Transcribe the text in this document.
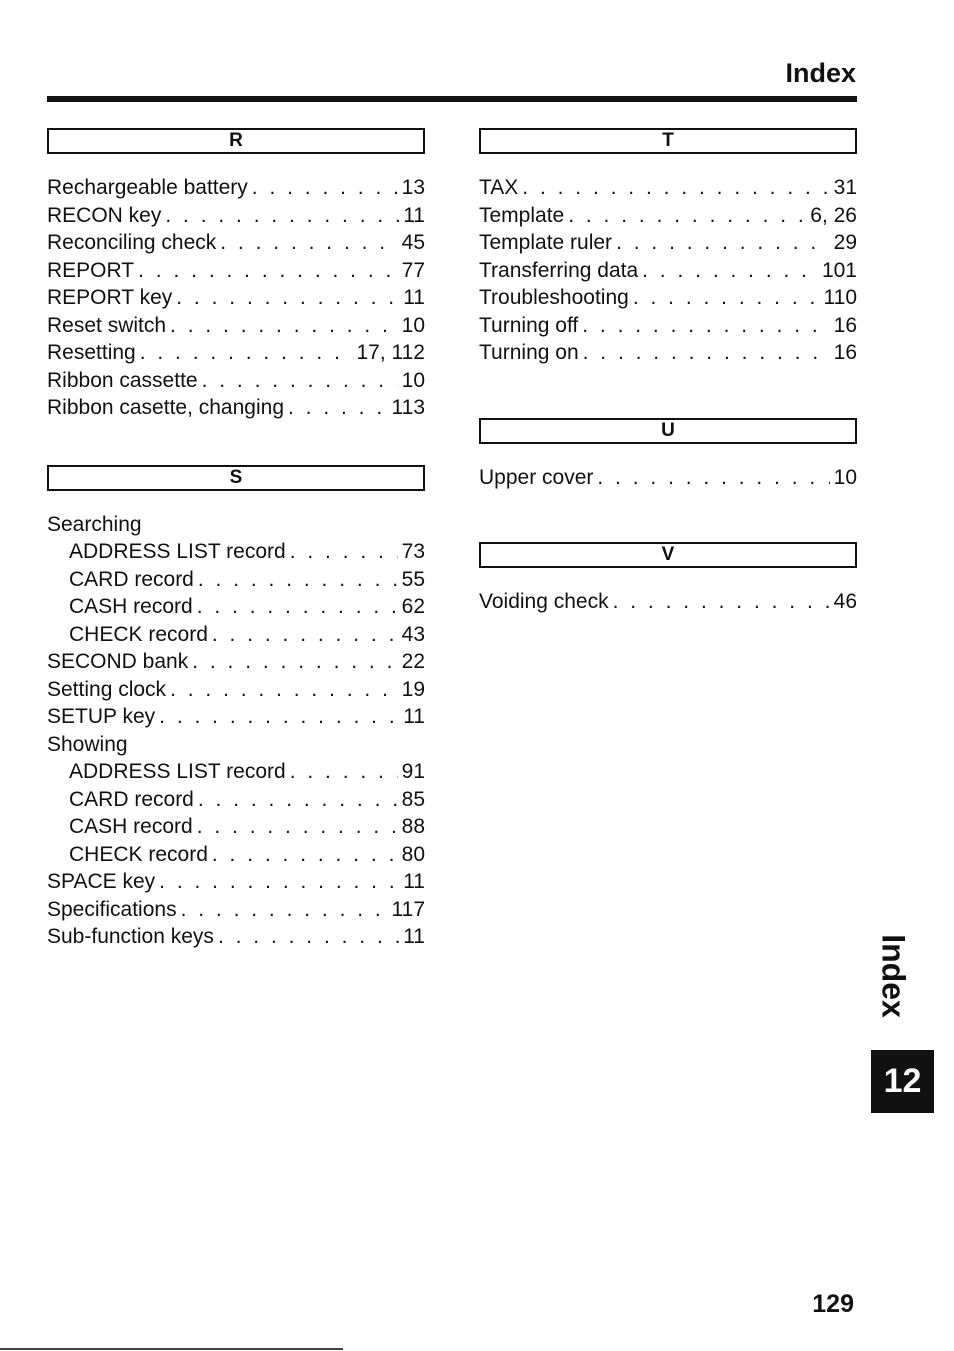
Index
R
Rechargeable battery . . .	13
RECON key . . .	11
Reconciling check . . .	45
REPORT . . .	77
REPORT key . . .	11
Reset switch . . .	10
Resetting . . .	17, 112
Ribbon cassette . . .	10
Ribbon casette, changing . . .	113
S
Searching
ADDRESS LIST record . . .	73
CARD record . . .	55
CASH record . . .	62
CHECK record . . .	43
SECOND bank . . .	22
Setting clock . . .	19
SETUP key . . .	11
Showing
ADDRESS LIST record . . .	91
CARD record . . .	85
CASH record . . .	88
CHECK record . . .	80
SPACE key . . .	11
Specifications . . .	117
Sub-function keys . . .	11
T
TAX . . .	31
Template . . .	6, 26
Template ruler . . .	29
Transferring data . . .	101
Troubleshooting . . .	110
Turning off . . .	16
Turning on . . .	16
U
Upper cover . . .	10
V
Voiding check . . .	46
Index
12
129
